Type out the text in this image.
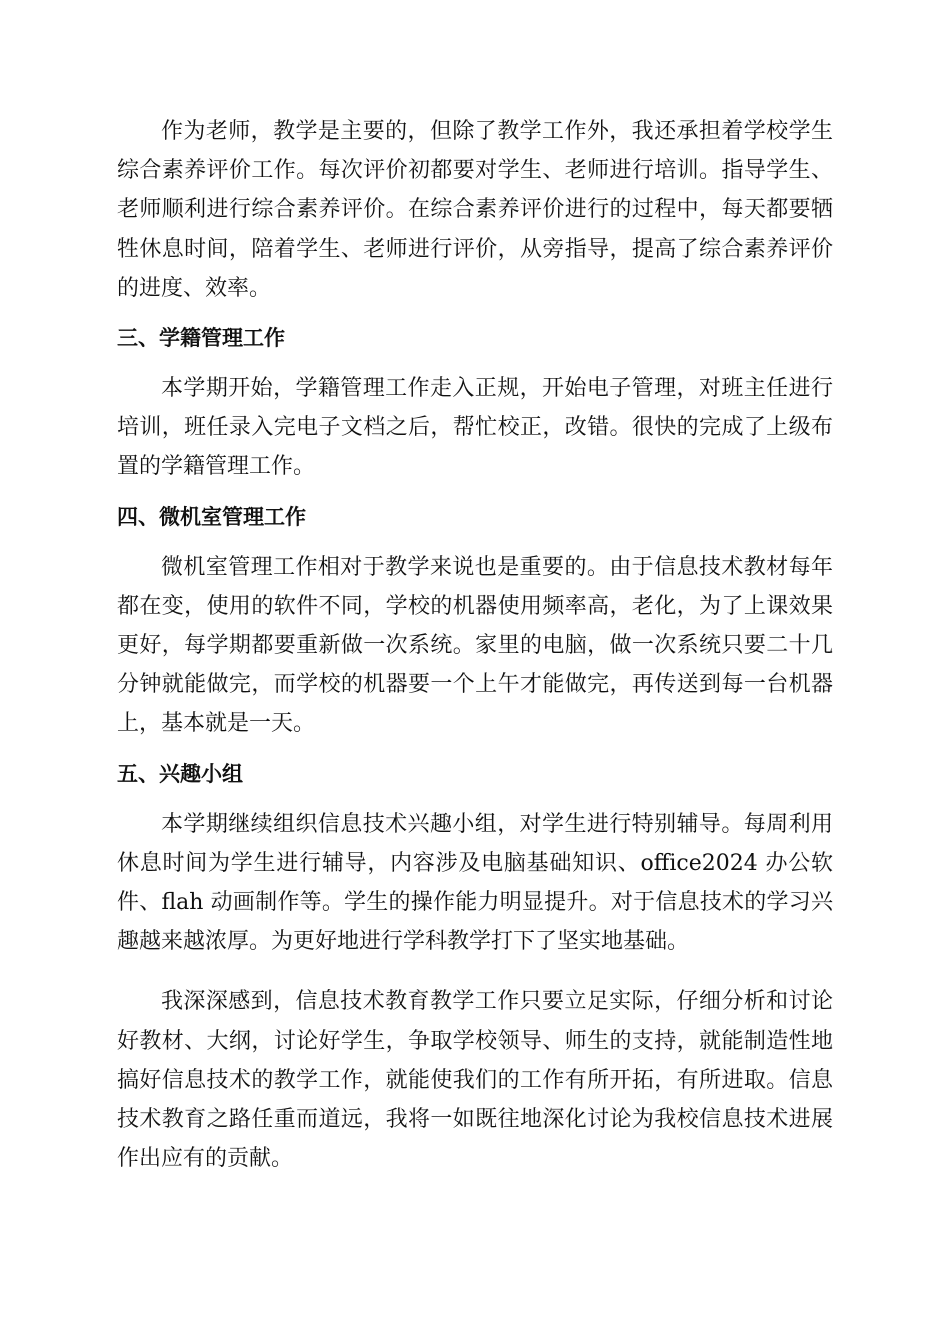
作为老师，教学是主要的，但除了教学工作外，我还承担着学校学生综合素养评价工作。每次评价初都要对学生、老师进行培训。指导学生、老师顺利进行综合素养评价。在综合素养评价进行的过程中，每天都要牺牲休息时间，陪着学生、老师进行评价，从旁指导，提高了综合素养评价的进度、效率。

三、学籍管理工作

本学期开始，学籍管理工作走入正规，开始电子管理，对班主任进行培训，班任录入完电子文档之后，帮忙校正，改错。很快的完成了上级布置的学籍管理工作。

四、微机室管理工作

微机室管理工作相对于教学来说也是重要的。由于信息技术教材每年都在变，使用的软件不同，学校的机器使用频率高，老化，为了上课效果更好，每学期都要重新做一次系统。家里的电脑，做一次系统只要二十几分钟就能做完，而学校的机器要一个上午才能做完，再传送到每一台机器上，基本就是一天。

五、兴趣小组

本学期继续组织信息技术兴趣小组，对学生进行特别辅导。每周利用休息时间为学生进行辅导，内容涉及电脑基础知识、office2024 办公软件、flah 动画制作等。学生的操作能力明显提升。对于信息技术的学习兴趣越来越浓厚。为更好地进行学科教学打下了坚实地基础。

我深深感到，信息技术教育教学工作只要立足实际，仔细分析和讨论好教材、大纲，讨论好学生，争取学校领导、师生的支持，就能制造性地搞好信息技术的教学工作，就能使我们的工作有所开拓，有所进取。信息技术教育之路任重而道远，我将一如既往地深化讨论为我校信息技术进展作出应有的贡献。
